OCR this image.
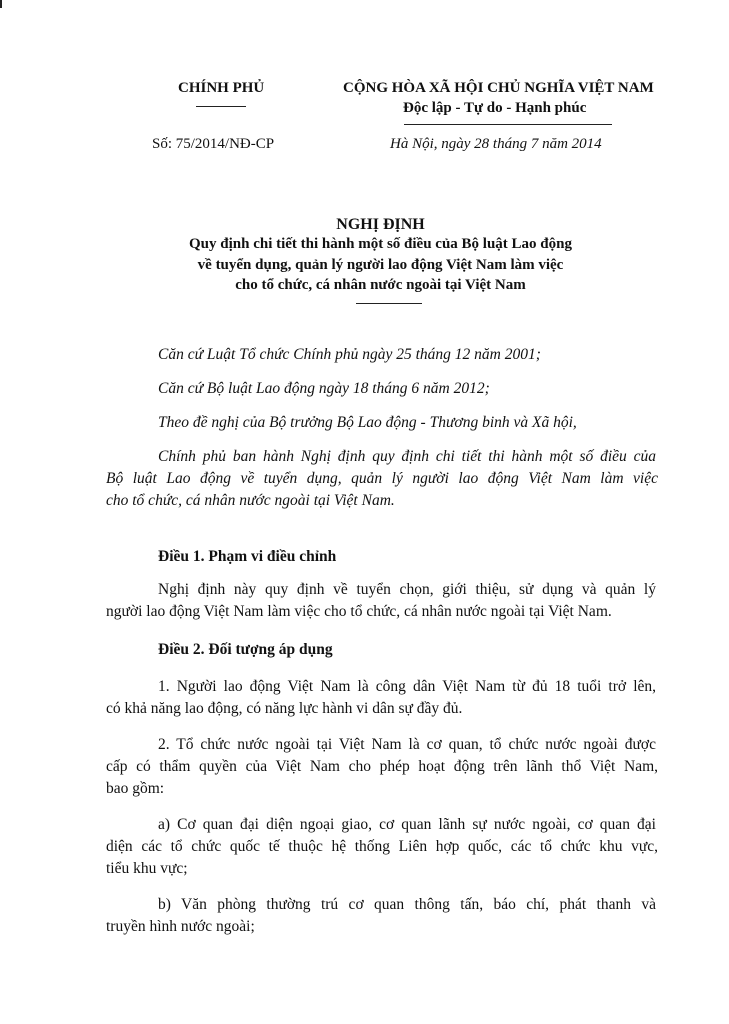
CHÍNH PHỦ
Số: 75/2014/NĐ-CP
CỘNG HÒA XÃ HỘI CHỦ NGHĨA VIỆT NAM
Độc lập - Tự do - Hạnh phúc
Hà Nội, ngày 28 tháng 7 năm 2014
NGHỊ ĐỊNH
Quy định chi tiết thi hành một số điều của Bộ luật Lao động
về tuyển dụng, quản lý người lao động Việt Nam làm việc
cho tổ chức, cá nhân nước ngoài tại Việt Nam
Căn cứ Luật Tổ chức Chính phủ ngày 25 tháng 12 năm 2001;
Căn cứ Bộ luật Lao động ngày 18 tháng 6 năm 2012;
Theo đề nghị của Bộ trưởng Bộ Lao động - Thương binh và Xã hội,
Chính phủ ban hành Nghị định quy định chi tiết thi hành một số điều của
Bộ luật Lao động về tuyển dụng, quản lý người lao động Việt Nam làm việc
cho tổ chức, cá nhân nước ngoài tại Việt Nam.
Điều 1. Phạm vi điều chỉnh
Nghị định này quy định về tuyển chọn, giới thiệu, sử dụng và quản lý
người lao động Việt Nam làm việc cho tổ chức, cá nhân nước ngoài tại Việt Nam.
Điều 2. Đối tượng áp dụng
1. Người lao động Việt Nam là công dân Việt Nam từ đủ 18 tuổi trở lên,
có khả năng lao động, có năng lực hành vi dân sự đầy đủ.
2. Tổ chức nước ngoài tại Việt Nam là cơ quan, tổ chức nước ngoài được
cấp có thẩm quyền của Việt Nam cho phép hoạt động trên lãnh thổ Việt Nam,
bao gồm:
a) Cơ quan đại diện ngoại giao, cơ quan lãnh sự nước ngoài, cơ quan đại
diện các tổ chức quốc tế thuộc hệ thống Liên hợp quốc, các tổ chức khu vực,
tiểu khu vực;
b) Văn phòng thường trú cơ quan thông tấn, báo chí, phát thanh và
truyền hình nước ngoài;
